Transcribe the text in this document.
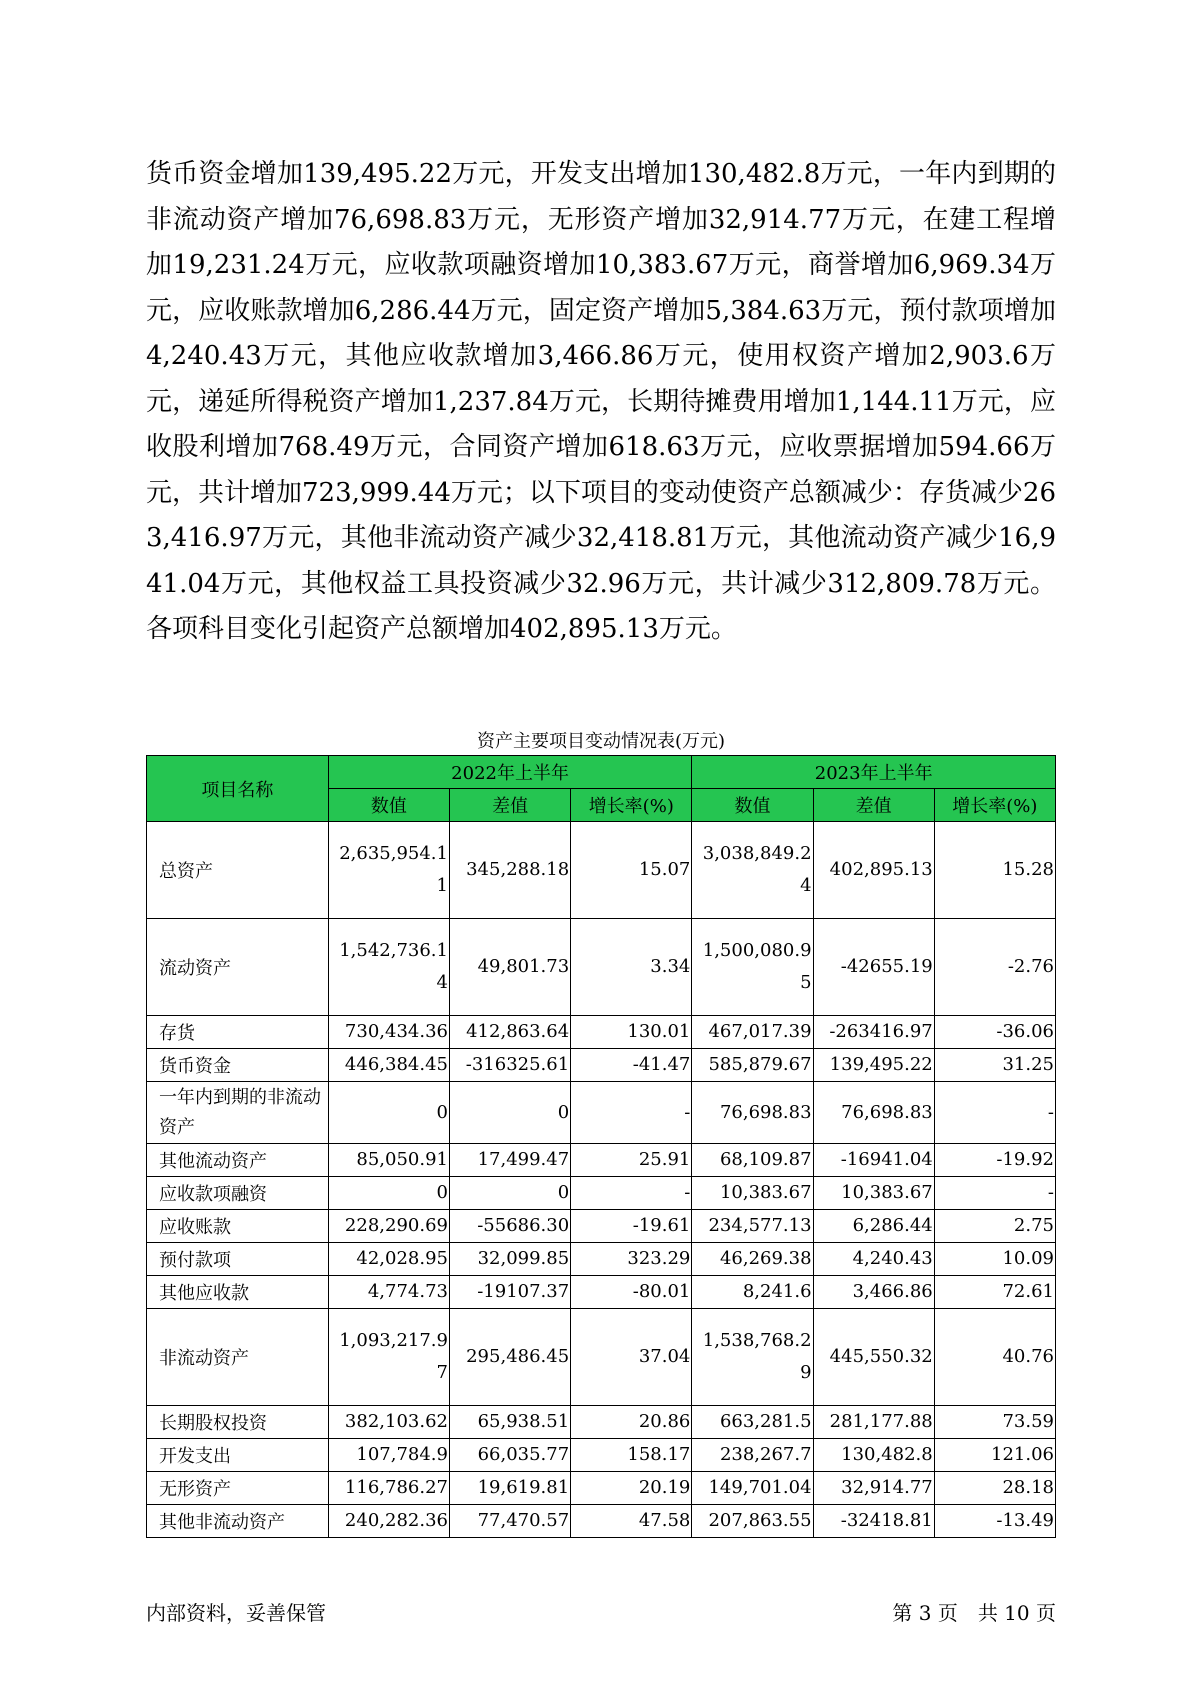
货币资金增加139,495.22万元，开发支出增加130,482.8万元，一年内到期的非流动资产增加76,698.83万元，无形资产增加32,914.77万元，在建工程增加19,231.24万元，应收款项融资增加10,383.67万元，商誉增加6,969.34万元，应收账款增加6,286.44万元，固定资产增加5,384.63万元，预付款项增加4,240.43万元，其他应收款增加3,466.86万元，使用权资产增加2,903.6万元，递延所得税资产增加1,237.84万元，长期待摊费用增加1,144.11万元，应收股利增加768.49万元，合同资产增加618.63万元，应收票据增加594.66万元，共计增加723,999.44万元；以下项目的变动使资产总额减少：存货减少263,416.97万元，其他非流动资产减少32,418.81万元，其他流动资产减少16,941.04万元，其他权益工具投资减少32.96万元，共计减少312,809.78万元。各项科目变化引起资产总额增加402,895.13万元。

资产主要项目变动情况表(万元)
项目名称	2022年上半年			2023年上半年		
	数值	差值	增长率(%)	数值	差值	增长率(%)
总资产	2,635,954.11	345,288.18	15.07	3,038,849.24	402,895.13	15.28
流动资产	1,542,736.14	49,801.73	3.34	1,500,080.95	-42655.19	-2.76
存货	730,434.36	412,863.64	130.01	467,017.39	-263416.97	-36.06
货币资金	446,384.45	-316325.61	-41.47	585,879.67	139,495.22	31.25
一年内到期的非流动资产	0	0	-	76,698.83	76,698.83	-
其他流动资产	85,050.91	17,499.47	25.91	68,109.87	-16941.04	-19.92
应收款项融资	0	0	-	10,383.67	10,383.67	-
应收账款	228,290.69	-55686.30	-19.61	234,577.13	6,286.44	2.75
预付款项	42,028.95	32,099.85	323.29	46,269.38	4,240.43	10.09
其他应收款	4,774.73	-19107.37	-80.01	8,241.6	3,466.86	72.61
非流动资产	1,093,217.97	295,486.45	37.04	1,538,768.29	445,550.32	40.76
长期股权投资	382,103.62	65,938.51	20.86	663,281.5	281,177.88	73.59
开发支出	107,784.9	66,035.77	158.17	238,267.7	130,482.8	121.06
无形资产	116,786.27	19,619.81	20.19	149,701.04	32,914.77	28.18
其他非流动资产	240,282.36	77,470.57	47.58	207,863.55	-32418.81	-13.49
内部资料，妥善保管	第 3 页　共 10 页
